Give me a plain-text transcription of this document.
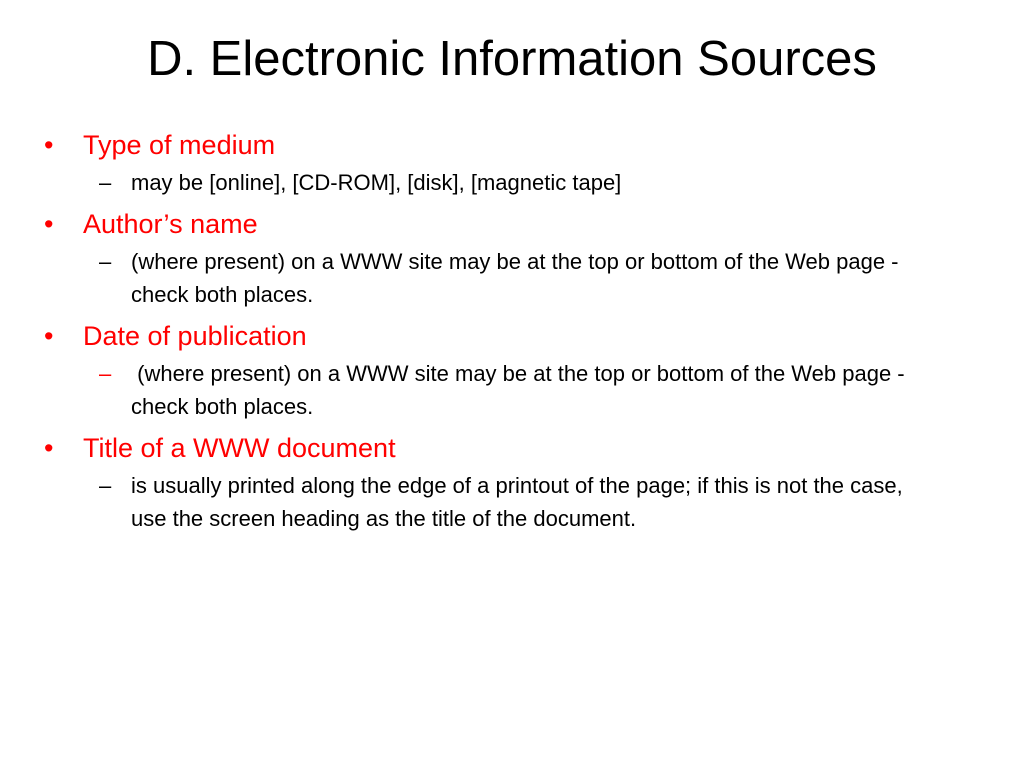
D. Electronic Information Sources
• Type of medium
– may be [online], [CD-ROM], [disk], [magnetic tape]
• Author’s name
– (where present) on a WWW site may be at the top or bottom of the Web page - check both places.
• Date of publication
– (where present) on a WWW site may be at the top or bottom of the Web page - check both places.
• Title of a WWW document
– is usually printed along the edge of a printout of the page; if this is not the case, use the screen heading as the title of the document.
